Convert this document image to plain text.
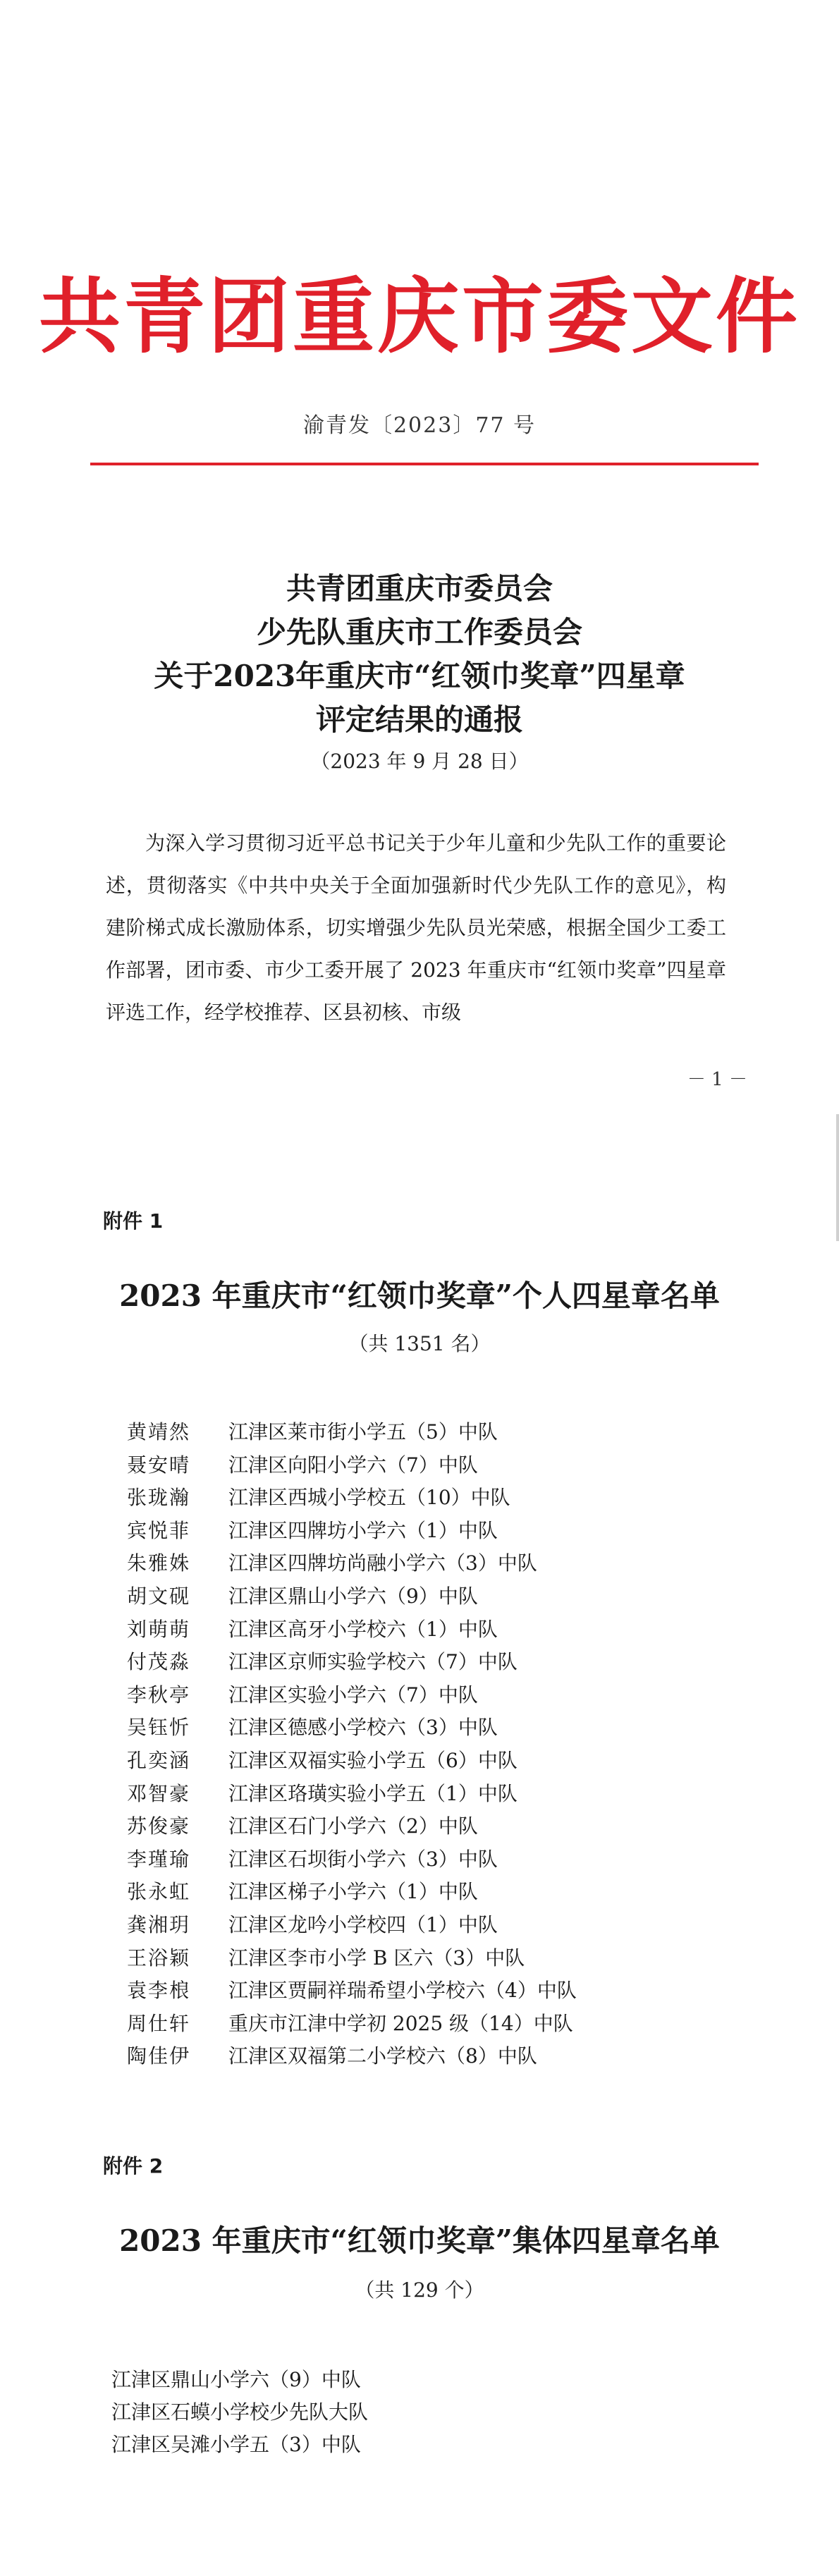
共青团重庆市委文件
渝青发〔2023〕77 号
共青团重庆市委员会
少先队重庆市工作委员会
关于2023年重庆市“红领巾奖章”四星章
评定结果的通报
（2023 年 9 月 28 日）
为深入学习贯彻习近平总书记关于少年儿童和少先队工作的重要论述，贯彻落实《中共中央关于全面加强新时代少先队工作的意见》，构建阶梯式成长激励体系，切实增强少先队员光荣感，根据全国少工委工作部署，团市委、市少工委开展了 2023 年重庆市“红领巾奖章”四星章评选工作，经学校推荐、区县初核、市级
－ 1 －
附件 1
2023 年重庆市“红领巾奖章”个人四星章名单
（共 1351 名）
黄靖然 江津区莱市街小学五（5）中队
聂安晴 江津区向阳小学六（7）中队
张珑瀚 江津区西城小学校五（10）中队
宾悦菲 江津区四牌坊小学六（1）中队
朱雅姝 江津区四牌坊尚融小学六（3）中队
胡文砚 江津区鼎山小学六（9）中队
刘萌萌 江津区高牙小学校六（1）中队
付茂淼 江津区京师实验学校六（7）中队
李秋亭 江津区实验小学六（7）中队
吴钰忻 江津区德感小学校六（3）中队
孔奕涵 江津区双福实验小学五（6）中队
邓智豪 江津区珞璜实验小学五（1）中队
苏俊豪 江津区石门小学六（2）中队
李瑾瑜 江津区石坝街小学六（3）中队
张永虹 江津区梯子小学六（1）中队
龚湘玥 江津区龙吟小学校四（1）中队
王浴颖 江津区李市小学 B 区六（3）中队
袁李桹 江津区贾嗣祥瑞希望小学校六（4）中队
周仕轩 重庆市江津中学初 2025 级（14）中队
陶佳伊 江津区双福第二小学校六（8）中队
附件 2
2023 年重庆市“红领巾奖章”集体四星章名单
（共 129 个）
江津区鼎山小学六（9）中队
江津区石蟆小学校少先队大队
江津区吴滩小学五（3）中队
